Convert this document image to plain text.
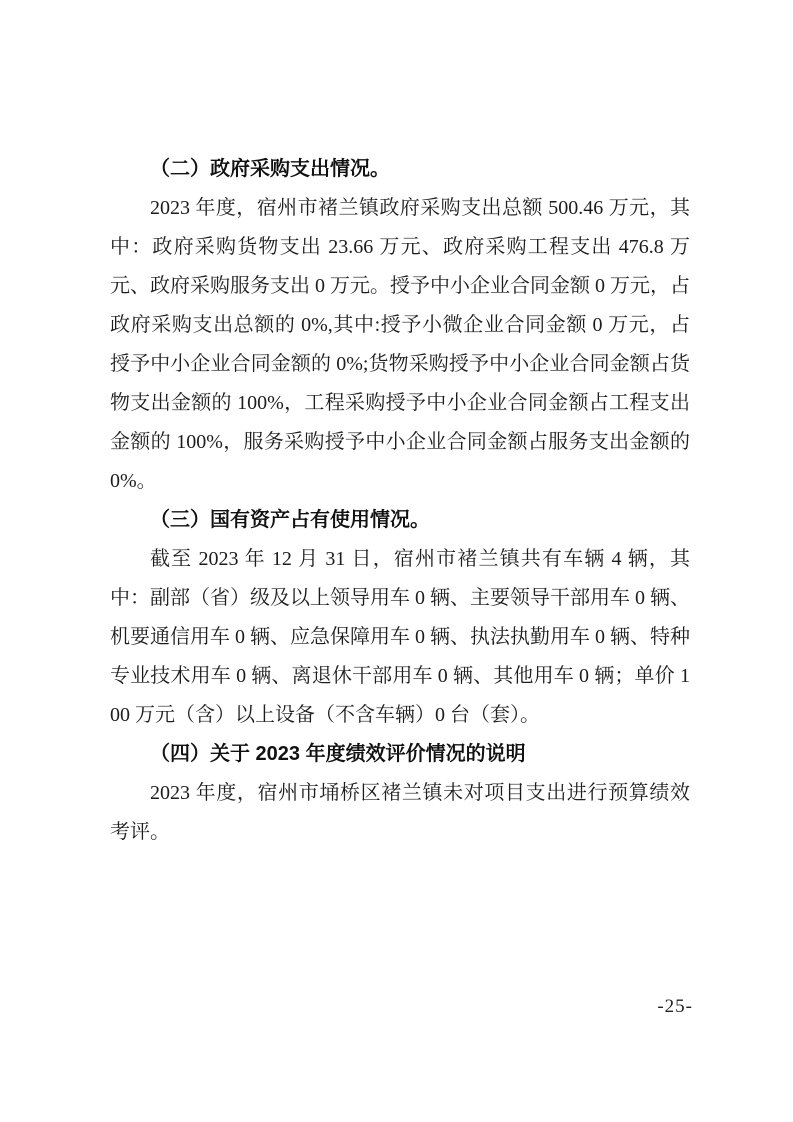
（二）政府采购支出情况。

2023 年度，宿州市褚兰镇政府采购支出总额 500.46 万元，其中：政府采购货物支出 23.66 万元、政府采购工程支出 476.8 万元、政府采购服务支出 0 万元。授予中小企业合同金额 0 万元，占政府采购支出总额的 0%,其中:授予小微企业合同金额 0 万元，占授予中小企业合同金额的 0%;货物采购授予中小企业合同金额占货物支出金额的 100%，工程采购授予中小企业合同金额占工程支出金额的 100%，服务采购授予中小企业合同金额占服务支出金额的 0%。

（三）国有资产占有使用情况。

截至 2023 年 12 月 31 日，宿州市褚兰镇共有车辆 4 辆，其中：副部（省）级及以上领导用车 0 辆、主要领导干部用车 0 辆、机要通信用车 0 辆、应急保障用车 0 辆、执法执勤用车 0 辆、特种专业技术用车 0 辆、离退休干部用车 0 辆、其他用车 0 辆；单价 100 万元（含）以上设备（不含车辆）0 台（套）。

（四）关于 2023 年度绩效评价情况的说明

2023 年度，宿州市埇桥区褚兰镇未对项目支出进行预算绩效考评。

-25-
